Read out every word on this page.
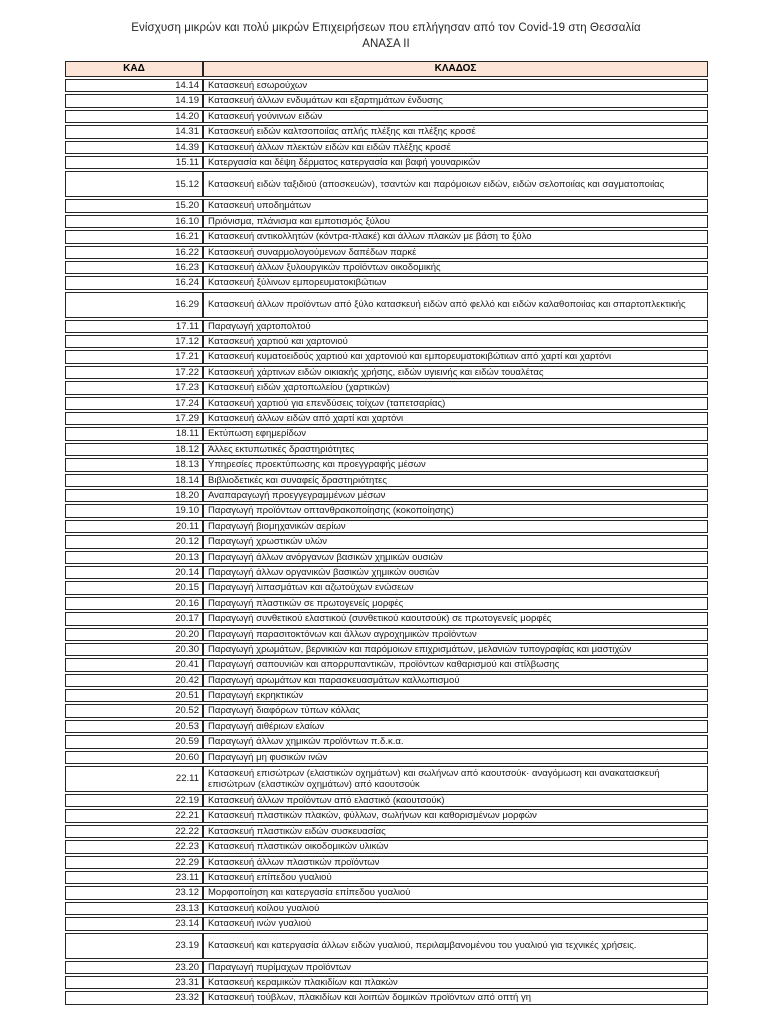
Ενίσχυση μικρών και πολύ μικρών Επιχειρήσεων που επλήγησαν από τον Covid-19 στη Θεσσαλία
ΑΝΑΣΑ ΙΙ
ΚΑΔ	ΚΛΑΔΟΣ
14.14	Κατασκευή εσωρούχων
14.19	Κατασκευή άλλων ενδυμάτων και εξαρτημάτων ένδυσης
14.20	Κατασκευή γούνινων ειδών
14.31	Κατασκευή ειδών καλτσοποιίας απλής πλέξης και πλέξης κροσέ
14.39	Κατασκευή άλλων πλεκτών ειδών και ειδών πλέξης κροσέ
15.11	Κατεργασία και δέψη δέρματος κατεργασία και βαφή γουναρικών
15.12	Κατασκευή ειδών ταξιδιού (αποσκευών), τσαντών και παρόμοιων ειδών, ειδών σελοποιίας και σαγματοποιίας
15.20	Κατασκευή υποδημάτων
16.10	Πριόνισμα, πλάνισμα και εμποτισμός ξύλου
16.21	Κατασκευή αντικολλητών (κόντρα-πλακέ) και άλλων πλακών με βάση το ξύλο
16.22	Κατασκευή συναρμολογούμενων δαπέδων παρκέ
16.23	Κατασκευή άλλων ξυλουργικών προϊόντων οικοδομικής
16.24	Κατασκευή ξύλινων εμπορευματοκιβώτιων
16.29	Κατασκευή άλλων προϊόντων από ξύλο κατασκευή ειδών από φελλό και ειδών καλαθοποιίας και σπαρτοπλεκτικής
17.11	Παραγωγή χαρτοπολτού
17.12	Κατασκευή χαρτιού και χαρτονιού
17.21	Κατασκευή κυματοειδούς χαρτιού και χαρτονιού και εμπορευματοκιβώτιων από χαρτί και χαρτόνι
17.22	Κατασκευή χάρτινων ειδών οικιακής χρήσης, ειδών υγιεινής και ειδών τουαλέτας
17.23	Κατασκευή ειδών χαρτοπωλείου (χαρτικών)
17.24	Κατασκευή χαρτιού για επενδύσεις τοίχων (ταπετσαρίας)
17.29	Κατασκευή άλλων ειδών από χαρτί και χαρτόνι
18.11	Εκτύπωση εφημερίδων
18.12	Άλλες εκτυπωτικές δραστηριότητες
18.13	Υπηρεσίες προεκτύπωσης και προεγγραφής μέσων
18.14	Βιβλιοδετικές και συναφείς δραστηριότητες
18.20	Αναπαραγωγή προεγγεγραμμένων μέσων
19.10	Παραγωγή προϊόντων οπτανθρακοποίησης (κοκοποίησης)
20.11	Παραγωγή βιομηχανικών αερίων
20.12	Παραγωγή χρωστικών υλών
20.13	Παραγωγή άλλων ανόργανων βασικών χημικών ουσιών
20.14	Παραγωγή άλλων οργανικών βασικών χημικών ουσιών
20.15	Παραγωγή λιπασμάτων και αζωτούχων ενώσεων
20.16	Παραγωγή πλαστικών σε πρωτογενείς μορφές
20.17	Παραγωγή συνθετικού ελαστικού (συνθετικού καουτσούκ) σε πρωτογενείς μορφές
20.20	Παραγωγή παρασιτοκτόνων και άλλων αγροχημικών προϊόντων
20.30	Παραγωγή χρωμάτων, βερνικιών και παρόμοιων επιχρισμάτων, μελανιών τυπογραφίας και μαστιχών
20.41	Παραγωγή σαπουνιών και απορρυπαντικών, προϊόντων καθαρισμού και στίλβωσης
20.42	Παραγωγή αρωμάτων και παρασκευασμάτων καλλωπισμού
20.51	Παραγωγή εκρηκτικών
20.52	Παραγωγή διαφόρων τύπων κόλλας
20.53	Παραγωγή αιθέριων ελαίων
20.59	Παραγωγή άλλων χημικών προϊόντων π.δ.κ.α.
20.60	Παραγωγή μη φυσικών ινών
22.11	Κατασκευή επισώτρων (ελαστικών οχημάτων) και σωλήνων από καουτσούκ· αναγόμωση και ανακατασκευή επισώτρων (ελαστικών οχημάτων) από καουτσούκ
22.19	Κατασκευή άλλων προϊόντων από ελαστικό (καουτσούκ)
22.21	Κατασκευή πλαστικών πλακών, φύλλων, σωλήνων και καθορισμένων μορφών
22.22	Κατασκευή πλαστικών ειδών συσκευασίας
22.23	Κατασκευή πλαστικών οικοδομικών υλικών
22.29	Κατασκευή άλλων πλαστικών προϊόντων
23.11	Κατασκευή επίπεδου γυαλιού
23.12	Μορφοποίηση και κατεργασία επίπεδου γυαλιού
23.13	Κατασκευή κοίλου γυαλιού
23.14	Κατασκευή ινών γυαλιού
23.19	Κατασκευή και κατεργασία άλλων ειδών γυαλιού, περιλαμβανομένου του γυαλιού για τεχνικές χρήσεις.
23.20	Παραγωγή πυρίμαχων προϊόντων
23.31	Κατασκευή κεραμικών πλακιδίων και πλακών
23.32	Κατασκευή τούβλων, πλακιδίων και λοιπών δομικών προϊόντων από οπτή γη
